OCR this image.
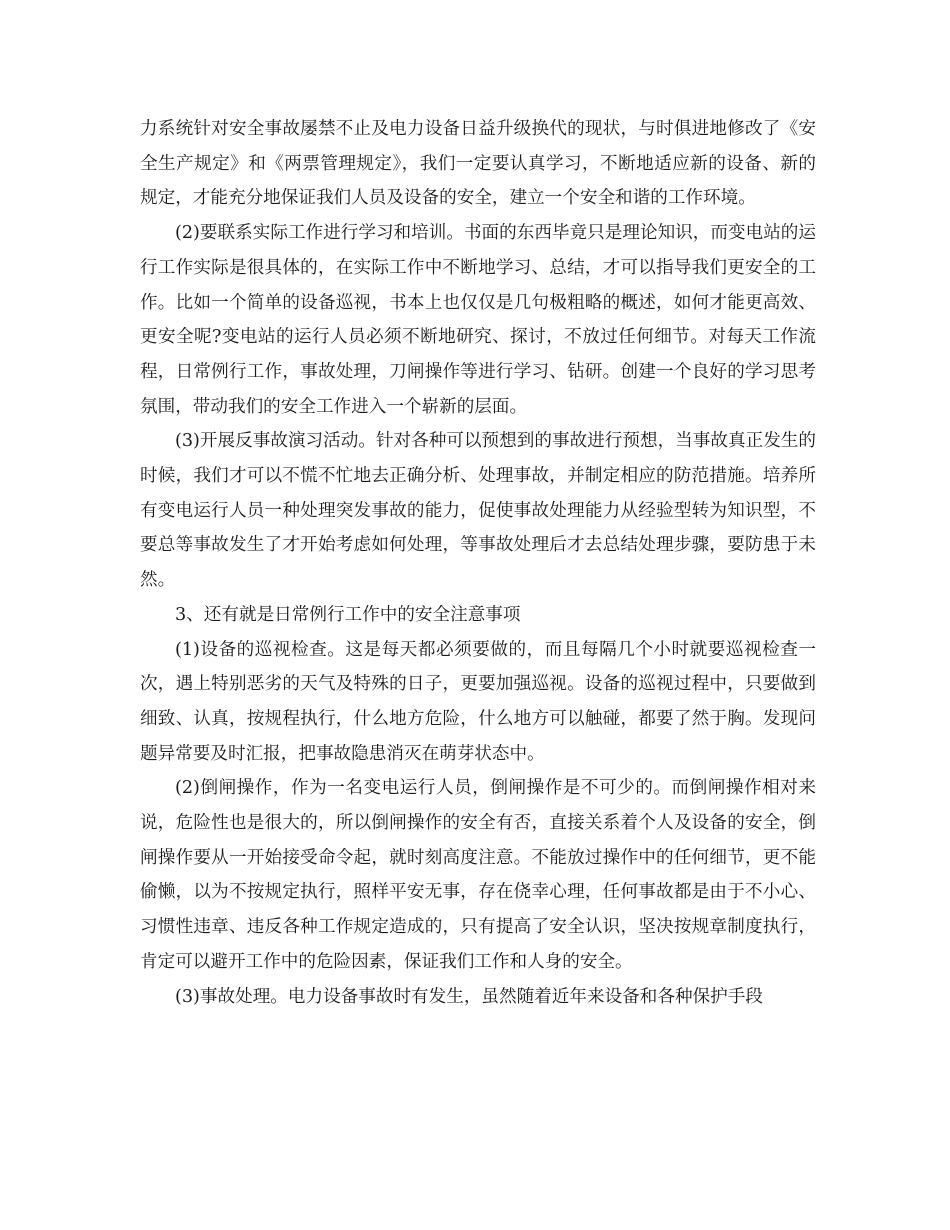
力系统针对安全事故屡禁不止及电力设备日益升级换代的现状，与时俱进地修改了《安全生产规定》和《两票管理规定》，我们一定要认真学习，不断地适应新的设备、新的规定，才能充分地保证我们人员及设备的安全，建立一个安全和谐的工作环境。

(2)要联系实际工作进行学习和培训。书面的东西毕竟只是理论知识，而变电站的运行工作实际是很具体的，在实际工作中不断地学习、总结，才可以指导我们更安全的工作。比如一个简单的设备巡视，书本上也仅仅是几句极粗略的概述，如何才能更高效、更安全呢?变电站的运行人员必须不断地研究、探讨，不放过任何细节。对每天工作流程，日常例行工作，事故处理，刀闸操作等进行学习、钻研。创建一个良好的学习思考氛围，带动我们的安全工作进入一个崭新的层面。

(3)开展反事故演习活动。针对各种可以预想到的事故进行预想，当事故真正发生的时候，我们才可以不慌不忙地去正确分析、处理事故，并制定相应的防范措施。培养所有变电运行人员一种处理突发事故的能力，促使事故处理能力从经验型转为知识型，不要总等事故发生了才开始考虑如何处理，等事故处理后才去总结处理步骤，要防患于未然。

3、还有就是日常例行工作中的安全注意事项

(1)设备的巡视检查。这是每天都必须要做的，而且每隔几个小时就要巡视检查一次，遇上特别恶劣的天气及特殊的日子，更要加强巡视。设备的巡视过程中，只要做到细致、认真，按规程执行，什么地方危险，什么地方可以触碰，都要了然于胸。发现问题异常要及时汇报，把事故隐患消灭在萌芽状态中。

(2)倒闸操作，作为一名变电运行人员，倒闸操作是不可少的。而倒闸操作相对来说，危险性也是很大的，所以倒闸操作的安全有否，直接关系着个人及设备的安全，倒闸操作要从一开始接受命令起，就时刻高度注意。不能放过操作中的任何细节，更不能偷懒，以为不按规定执行，照样平安无事，存在侥幸心理，任何事故都是由于不小心、习惯性违章、违反各种工作规定造成的，只有提高了安全认识，坚决按规章制度执行，肯定可以避开工作中的危险因素，保证我们工作和人身的安全。

(3)事故处理。电力设备事故时有发生，虽然随着近年来设备和各种保护手段
